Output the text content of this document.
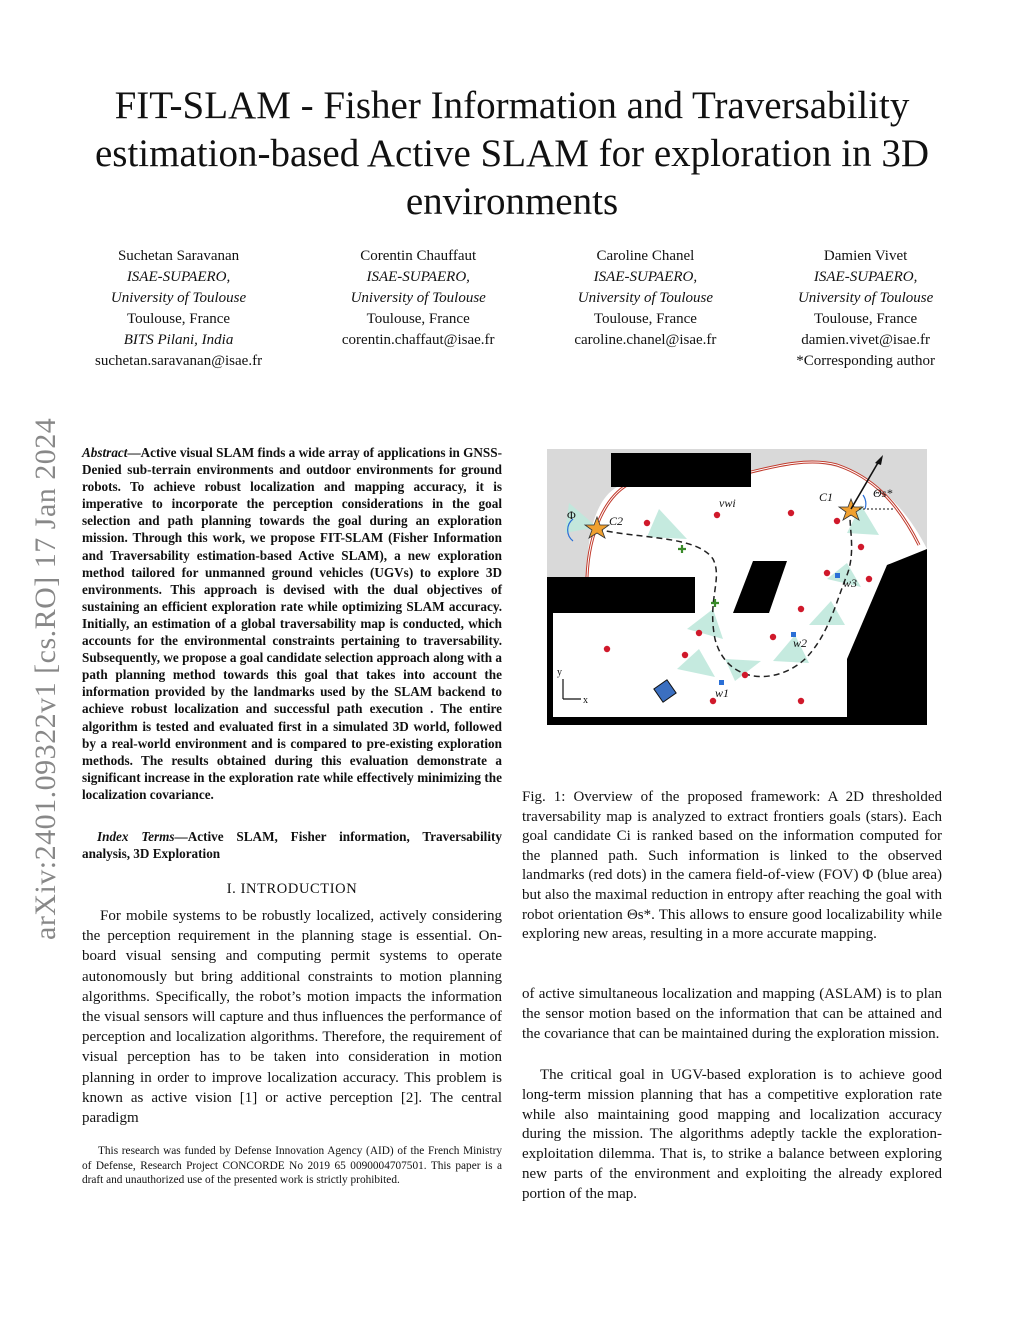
arXiv:2401.09322v1 [cs.RO] 17 Jan 2024
FIT-SLAM - Fisher Information and Traversability estimation-based Active SLAM for exploration in 3D environments
Suchetan Saravanan
ISAE-SUPAERO,
University of Toulouse
Toulouse, France
BITS Pilani, India
suchetan.saravanan@isae.fr
Corentin Chauffaut
ISAE-SUPAERO,
University of Toulouse
Toulouse, France
corentin.chaffaut@isae.fr
Caroline Chanel
ISAE-SUPAERO,
University of Toulouse
Toulouse, France
caroline.chanel@isae.fr
Damien Vivet
ISAE-SUPAERO,
University of Toulouse
Toulouse, France
damien.vivet@isae.fr
*Corresponding author
Abstract—Active visual SLAM finds a wide array of applications in GNSS-Denied sub-terrain environments and outdoor environments for ground robots. To achieve robust localization and mapping accuracy, it is imperative to incorporate the perception considerations in the goal selection and path planning towards the goal during an exploration mission. Through this work, we propose FIT-SLAM (Fisher Information and Traversability estimation-based Active SLAM), a new exploration method tailored for unmanned ground vehicles (UGVs) to explore 3D environments. This approach is devised with the dual objectives of sustaining an efficient exploration rate while optimizing SLAM accuracy. Initially, an estimation of a global traversability map is conducted, which accounts for the environmental constraints pertaining to traversability. Subsequently, we propose a goal candidate selection approach along with a path planning method towards this goal that takes into account the information provided by the landmarks used by the SLAM backend to achieve robust localization and successful path execution . The entire algorithm is tested and evaluated first in a simulated 3D world, followed by a real-world environment and is compared to pre-existing exploration methods. The results obtained during this evaluation demonstrate a significant increase in the exploration rate while effectively minimizing the localization covariance.
Index Terms—Active SLAM, Fisher information, Traversability analysis, 3D Exploration
I. INTRODUCTION
For mobile systems to be robustly localized, actively considering the perception requirement in the planning stage is essential. On-board visual sensing and computing permit systems to operate autonomously but bring additional constraints to motion planning algorithms. Specifically, the robot’s motion impacts the information the visual sensors will capture and thus influences the performance of perception and localization algorithms. Therefore, the requirement of visual perception has to be taken into consideration in motion planning in order to improve localization accuracy. This problem is known as active vision [1] or active perception [2]. The central paradigm
This research was funded by Defense Innovation Agency (AID) of the French Ministry of Defense, Research Project CONCORDE No 2019 65 0090004707501. This paper is a draft and unauthorized use of the presented work is strictly prohibited.
C2
C1
Φ
Θs*
vwi
w1
w2
w3
y
x
Fig. 1: Overview of the proposed framework: A 2D thresholded traversability map is analyzed to extract frontiers goals (stars). Each goal candidate Ci is ranked based on the information computed for the planned path. Such information is linked to the observed landmarks (red dots) in the camera field-of-view (FOV) Φ (blue area) but also the maximal reduction in entropy after reaching the goal with robot orientation Θs*. This allows to ensure good localizability while exploring new areas, resulting in a more accurate mapping.
of active simultaneous localization and mapping (ASLAM) is to plan the sensor motion based on the information that can be attained and the covariance that can be maintained during the exploration mission.
The critical goal in UGV-based exploration is to achieve good long-term mission planning that has a competitive exploration rate while also maintaining good mapping and localization accuracy during the mission. The algorithms adeptly tackle the exploration-exploitation dilemma. That is, to strike a balance between exploring new parts of the environment and exploiting the already explored portion of the map.
